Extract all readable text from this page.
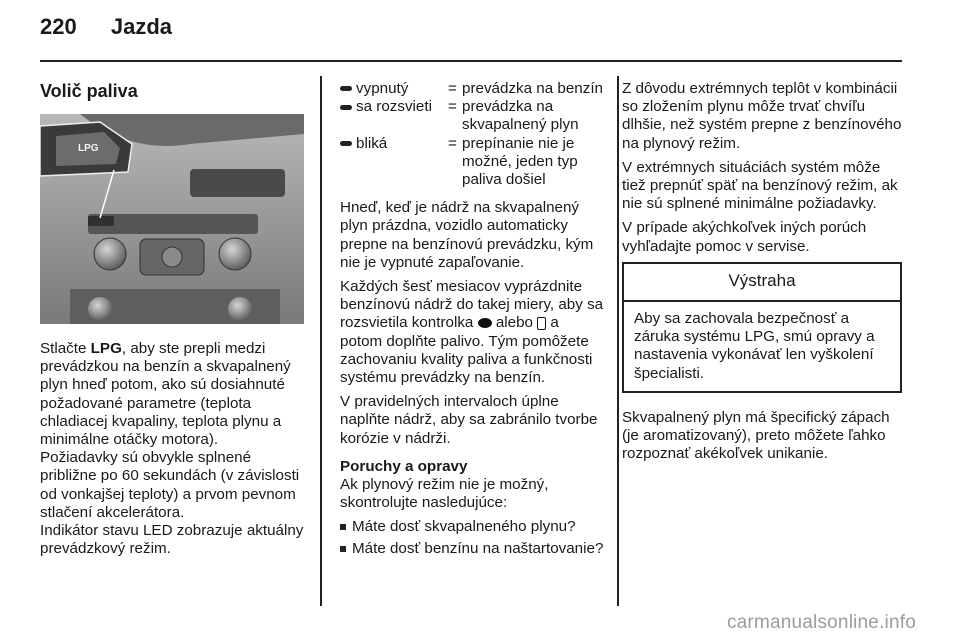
220 Jazda
Volič paliva
LPG

Stlačte LPG, aby ste prepli medzi prevádzkou na benzín a skvapalnený plyn hneď potom, ako sú dosiahnuté požadované parametre (teplota chladiacej kvapaliny, teplota plynu a minimálne otáčky motora).

Požiadavky sú obvykle splnené približne po 60 sekundách (v závislosti od vonkajšej teploty) a prvom pevnom stlačení akcelerátora.

Indikátor stavu LED zobrazuje aktuálny prevádzkový režim.

vypnutý	=	prevádzka na benzín
sa rozsvieti	=	prevádzka na skvapalnený plyn
bliká	=	prepínanie nie je možné, jeden typ paliva došiel

Hneď, keď je nádrž na skvapalnený plyn prázdna, vozidlo automaticky prepne na benzínovú prevádzku, kým nie je vypnuté zapaľovanie.

Každých šesť mesiacov vyprázdnite benzínovú nádrž do takej miery, aby sa rozsvietila kontrolka  alebo  a potom doplňte palivo. Tým pomôžete zachovaniu kvality paliva a funkčnosti systému prevádzky na benzín.

V pravidelných intervaloch úplne naplňte nádrž, aby sa zabránilo tvorbe korózie v nádrži.

Poruchy a opravy

Ak plynový režim nie je možný, skontrolujte nasledujúce:

Máte dosť skvapalneného plynu?
Máte dosť benzínu na naštartovanie?

Z dôvodu extrémnych teplôt v kombinácii so zložením plynu môže trvať chvíľu dlhšie, než systém prepne z benzínového na plynový režim.

V extrémnych situáciách systém môže tiež prepnúť späť na benzínový režim, ak nie sú splnené minimálne požiadavky.

V prípade akýchkoľvek iných porúch vyhľadajte pomoc v servise.

Výstraha
Aby sa zachovala bezpečnosť a záruka systému LPG, smú opravy a nastavenia vykonávať len vyškolení špecialisti.

Skvapalnený plyn má špecifický zápach (je aromatizovaný), preto môžete ľahko rozpoznať akékoľvek unikanie.

carmanualsonline.info
